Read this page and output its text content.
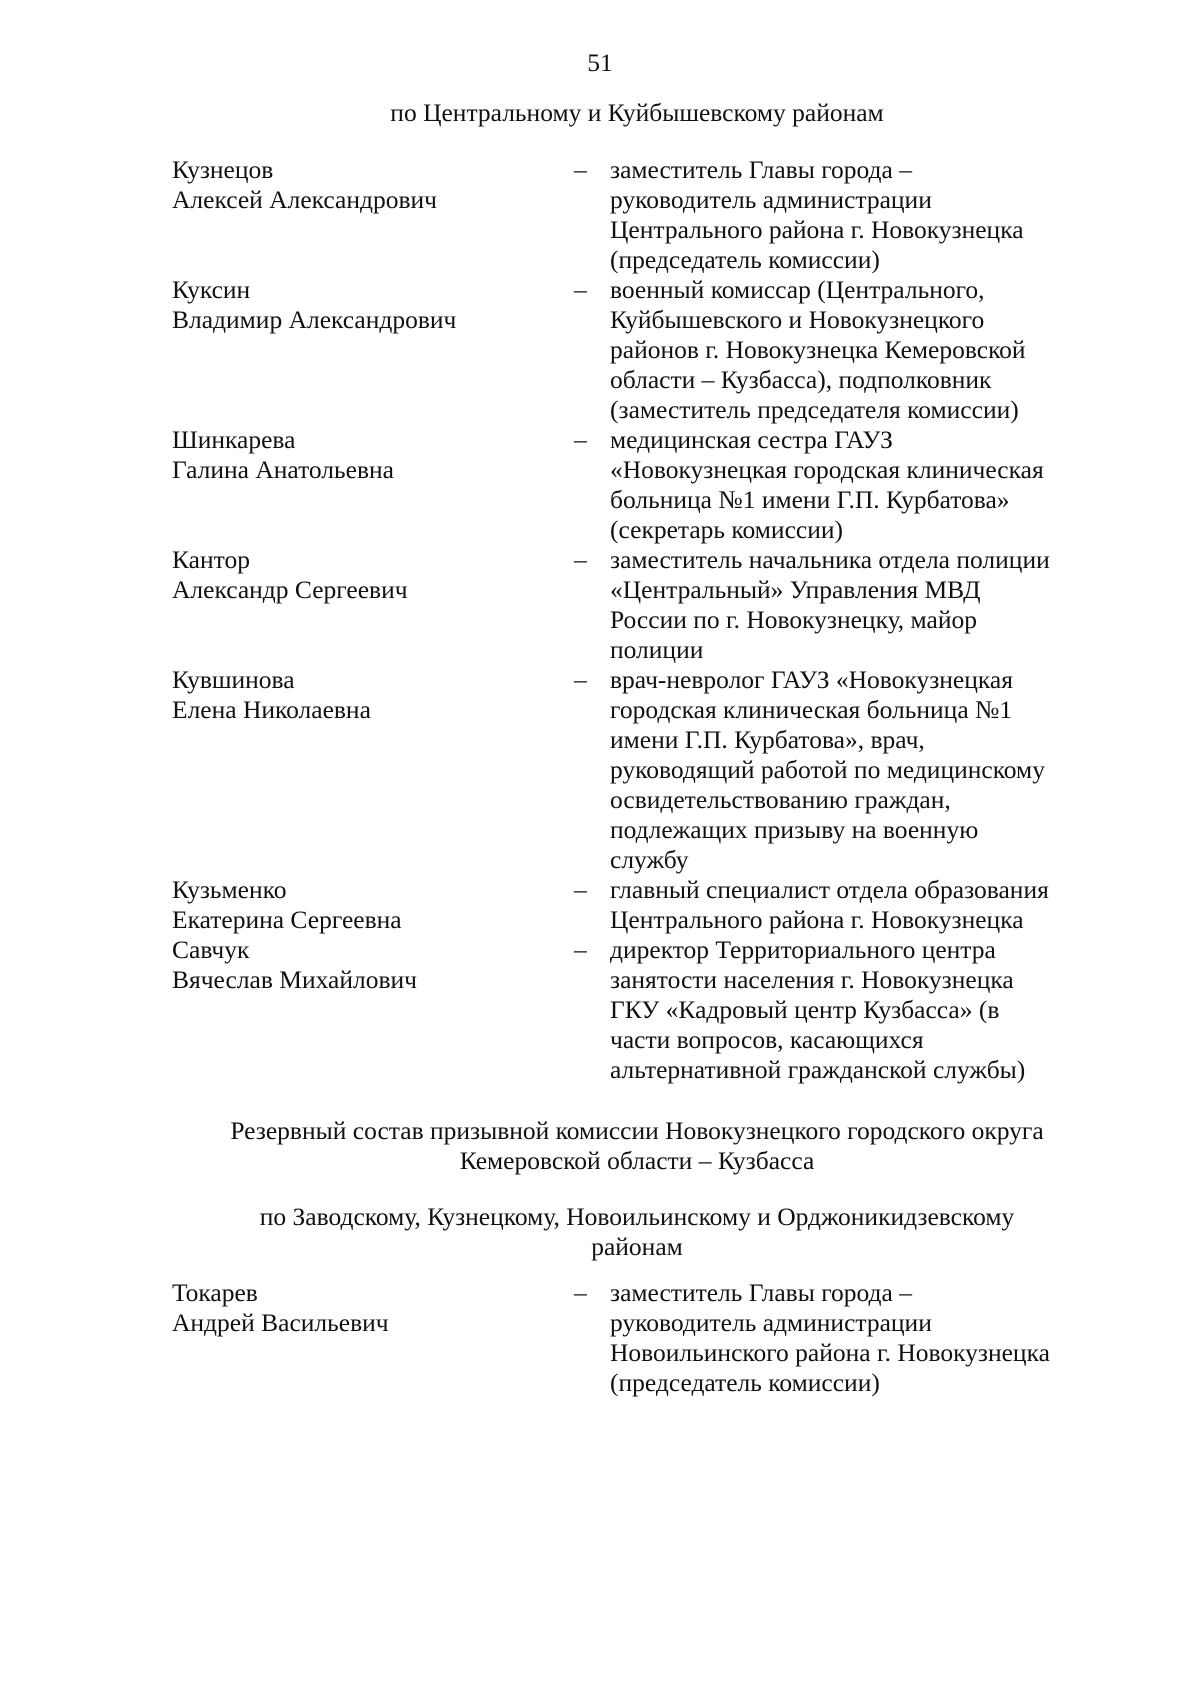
51
по Центральному и Куйбышевскому районам
Кузнецов
Алексей Александрович
– заместитель Главы города –
руководитель администрации
Центрального района г. Новокузнецка
(председатель комиссии)
Куксин
Владимир Александрович
– военный комиссар (Центрального,
Куйбышевского и Новокузнецкого
районов г. Новокузнецка Кемеровской
области – Кузбасса), подполковник
(заместитель председателя комиссии)
Шинкарева
Галина Анатольевна
– медицинская сестра ГАУЗ
«Новокузнецкая городская клиническая
больница №1 имени Г.П. Курбатова»
(секретарь комиссии)
Кантор
Александр Сергеевич
– заместитель начальника отдела полиции
«Центральный» Управления МВД
России по г. Новокузнецку, майор
полиции
Кувшинова
Елена Николаевна
– врач-невролог ГАУЗ «Новокузнецкая
городская клиническая больница №1
имени Г.П. Курбатова», врач,
руководящий работой по медицинскому
освидетельствованию граждан,
подлежащих призыву на военную
службу
Кузьменко
Екатерина Сергеевна
– главный специалист отдела образования
Центрального района г. Новокузнецка
Савчук
Вячеслав Михайлович
– директор Территориального центра
занятости населения г. Новокузнецка
ГКУ «Кадровый центр Кузбасса» (в
части вопросов, касающихся
альтернативной гражданской службы)
Резервный состав призывной комиссии Новокузнецкого городского округа
Кемеровской области – Кузбасса
по Заводскому, Кузнецкому, Новоильинскому и Орджоникидзевскому
районам
Токарев
Андрей Васильевич
– заместитель Главы города –
руководитель администрации
Новоильинского района г. Новокузнецка
(председатель комиссии)
